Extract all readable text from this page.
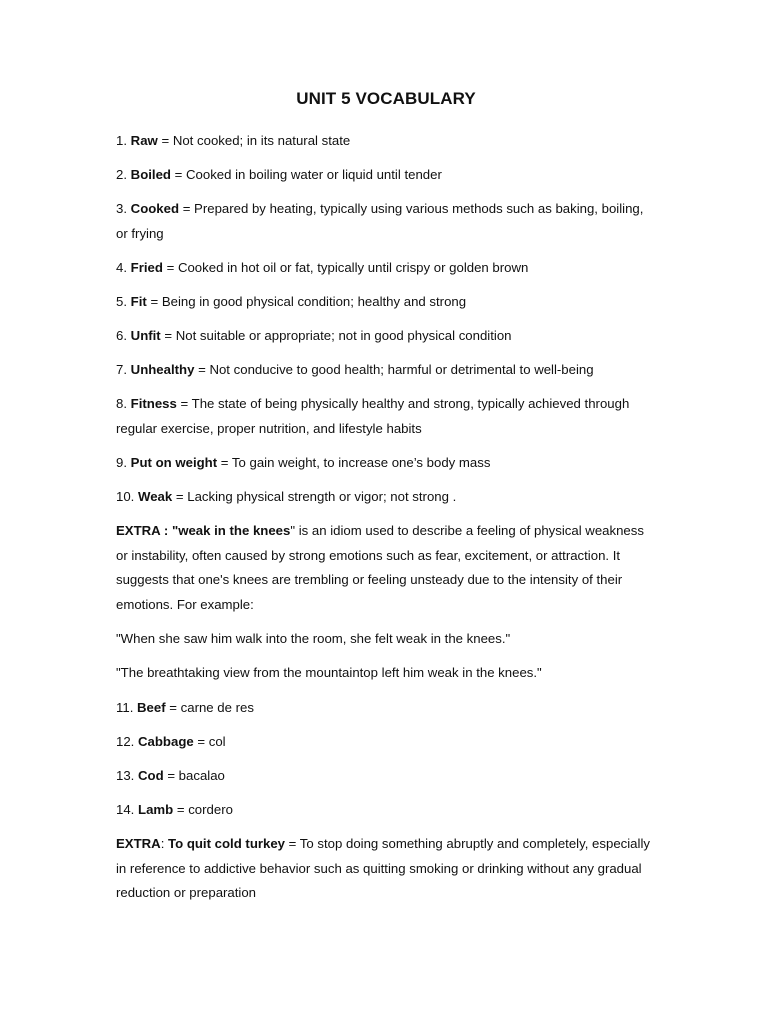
UNIT 5 VOCABULARY
1. Raw = Not cooked; in its natural state
2. Boiled = Cooked in boiling water or liquid until tender
3. Cooked = Prepared by heating, typically using various methods such as baking, boiling, or frying
4. Fried = Cooked in hot oil or fat, typically until crispy or golden brown
5. Fit = Being in good physical condition; healthy and strong
6. Unfit = Not suitable or appropriate; not in good physical condition
7. Unhealthy = Not conducive to good health; harmful or detrimental to well-being
8. Fitness = The state of being physically healthy and strong, typically achieved through regular exercise, proper nutrition, and lifestyle habits
9. Put on weight = To gain weight, to increase one’s body mass
10. Weak = Lacking physical strength or vigor; not strong .
EXTRA : "weak in the knees" is an idiom used to describe a feeling of physical weakness or instability, often caused by strong emotions such as fear, excitement, or attraction. It suggests that one's knees are trembling or feeling unsteady due to the intensity of their emotions. For example:
"When she saw him walk into the room, she felt weak in the knees."
"The breathtaking view from the mountaintop left him weak in the knees."
11. Beef = carne de res
12. Cabbage = col
13. Cod = bacalao
14. Lamb = cordero
EXTRA: To quit cold turkey = To stop doing something abruptly and completely, especially in reference to addictive behavior such as quitting smoking or drinking without any gradual reduction or preparation
